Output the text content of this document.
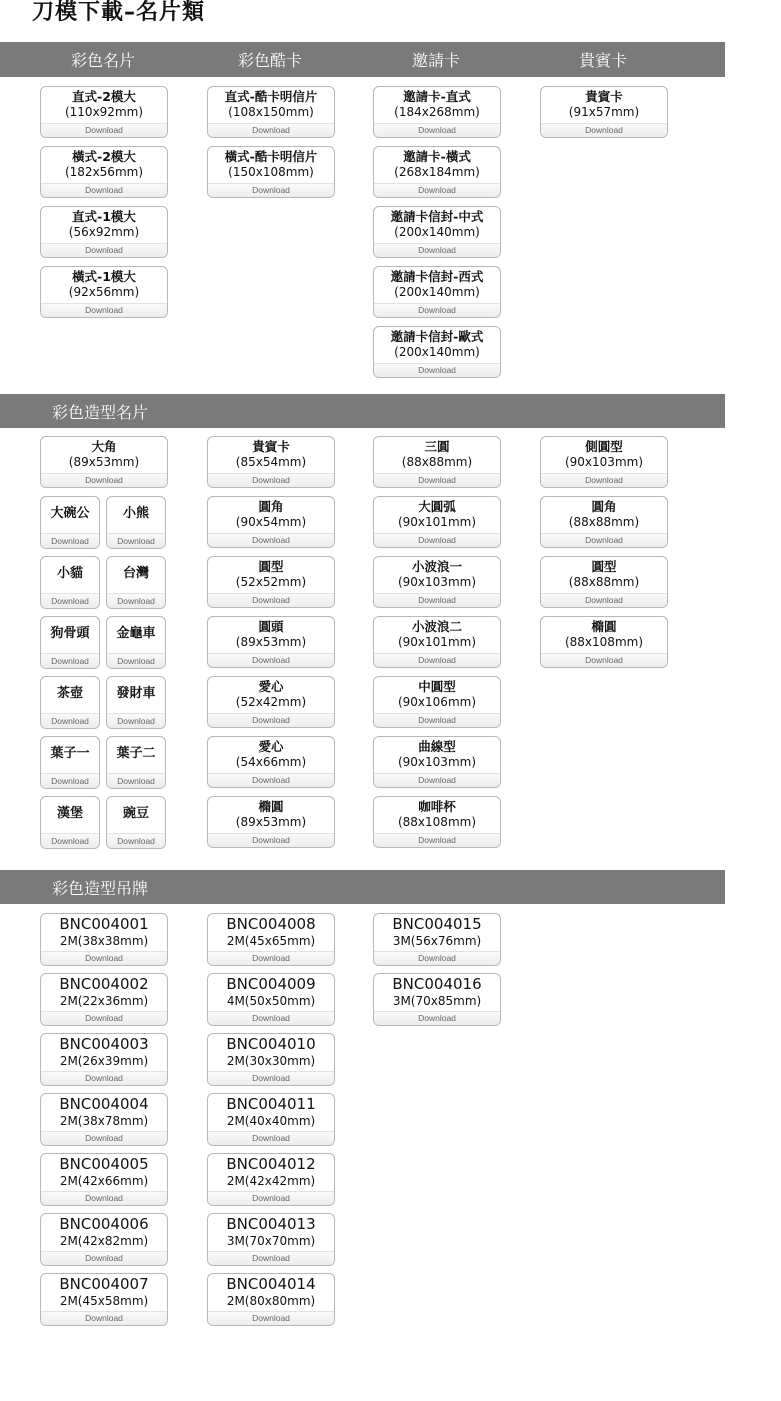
刀模下載–名片類
彩色名片	彩色酷卡	邀請卡	貴賓卡
彩色造型名片
彩色造型吊牌
直式-2模大
(110x92mm)
Download
橫式-2模大
(182x56mm)
Download
直式-1模大
(56x92mm)
Download
橫式-1模大
(92x56mm)
Download
直式-酷卡明信片
(108x150mm)
Download
橫式-酷卡明信片
(150x108mm)
Download
邀請卡-直式
(184x268mm)
Download
邀請卡-橫式
(268x184mm)
Download
邀請卡信封-中式
(200x140mm)
Download
邀請卡信封-西式
(200x140mm)
Download
邀請卡信封-歐式
(200x140mm)
Download
貴賓卡
(91x57mm)
Download
大角
(89x53mm)
Download
大碗公
Download
小熊
Download
小貓
Download
台灣
Download
狗骨頭
Download
金龜車
Download
茶壺
Download
發財車
Download
葉子一
Download
葉子二
Download
漢堡
Download
豌豆
Download
貴賓卡
(85x54mm)
Download
圓角
(90x54mm)
Download
圓型
(52x52mm)
Download
圓頭
(89x53mm)
Download
愛心
(52x42mm)
Download
愛心
(54x66mm)
Download
橢圓
(89x53mm)
Download
三圓
(88x88mm)
Download
大圓弧
(90x101mm)
Download
小波浪一
(90x103mm)
Download
小波浪二
(90x101mm)
Download
中圓型
(90x106mm)
Download
曲線型
(90x103mm)
Download
咖啡杯
(88x108mm)
Download
側圓型
(90x103mm)
Download
圓角
(88x88mm)
Download
圓型
(88x88mm)
Download
橢圓
(88x108mm)
Download
BNC004001
2M(38x38mm)
Download
BNC004002
2M(22x36mm)
Download
BNC004003
2M(26x39mm)
Download
BNC004004
2M(38x78mm)
Download
BNC004005
2M(42x66mm)
Download
BNC004006
2M(42x82mm)
Download
BNC004007
2M(45x58mm)
Download
BNC004008
2M(45x65mm)
Download
BNC004009
4M(50x50mm)
Download
BNC004010
2M(30x30mm)
Download
BNC004011
2M(40x40mm)
Download
BNC004012
2M(42x42mm)
Download
BNC004013
3M(70x70mm)
Download
BNC004014
2M(80x80mm)
Download
BNC004015
3M(56x76mm)
Download
BNC004016
3M(70x85mm)
Download
